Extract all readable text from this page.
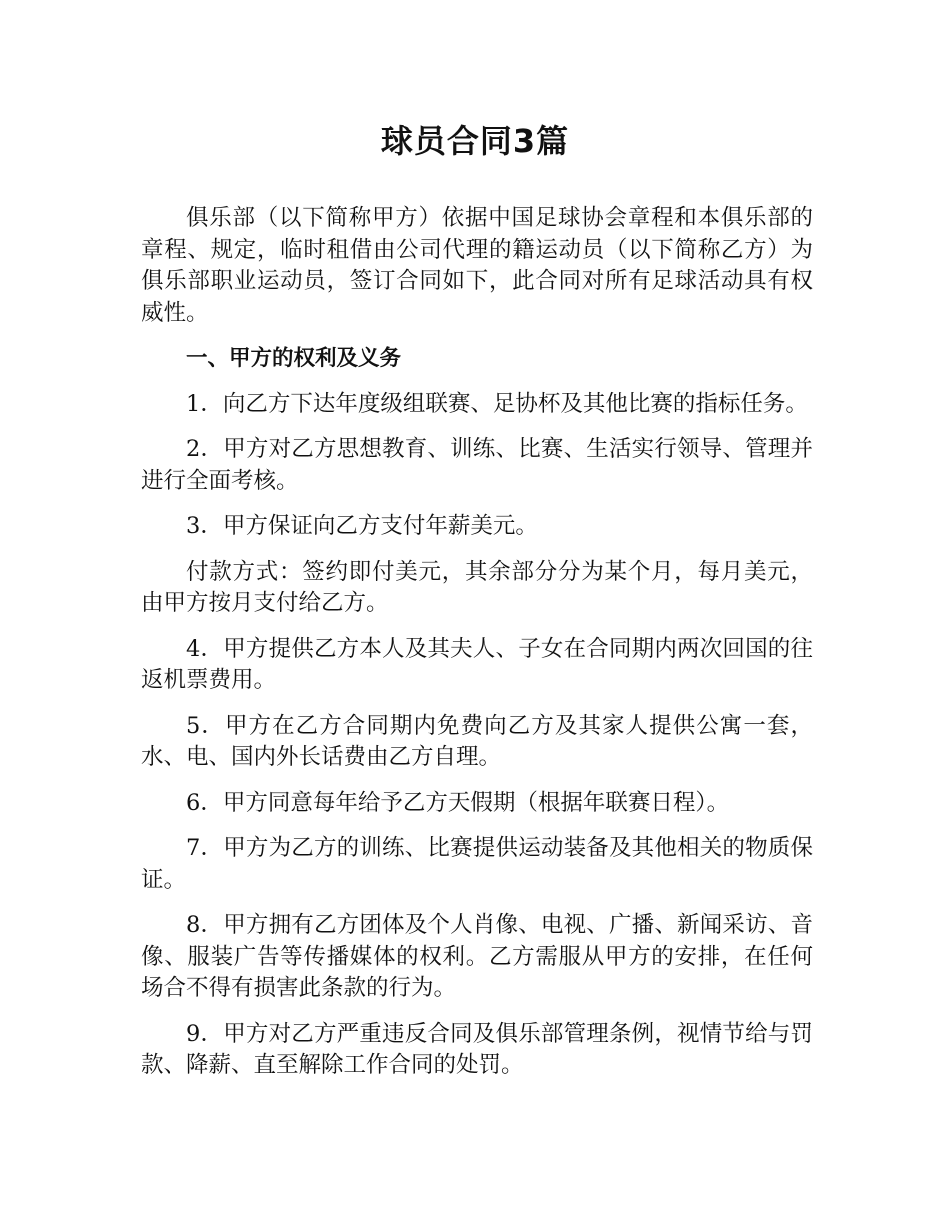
球员合同3篇

俱乐部（以下简称甲方）依据中国足球协会章程和本俱乐部的章程、规定，临时租借由公司代理的籍运动员（以下简称乙方）为俱乐部职业运动员，签订合同如下，此合同对所有足球活动具有权威性。

一、甲方的权利及义务

1．向乙方下达年度级组联赛、足协杯及其他比赛的指标任务。

2．甲方对乙方思想教育、训练、比赛、生活实行领导、管理并进行全面考核。

3．甲方保证向乙方支付年薪美元。

付款方式：签约即付美元，其余部分分为某个月，每月美元，由甲方按月支付给乙方。

4．甲方提供乙方本人及其夫人、子女在合同期内两次回国的往返机票费用。

5．甲方在乙方合同期内免费向乙方及其家人提供公寓一套，水、电、国内外长话费由乙方自理。

6．甲方同意每年给予乙方天假期（根据年联赛日程）。

7．甲方为乙方的训练、比赛提供运动装备及其他相关的物质保证。

8．甲方拥有乙方团体及个人肖像、电视、广播、新闻采访、音像、服装广告等传播媒体的权利。乙方需服从甲方的安排，在任何场合不得有损害此条款的行为。

9．甲方对乙方严重违反合同及俱乐部管理条例，视情节给与罚款、降薪、直至解除工作合同的处罚。
